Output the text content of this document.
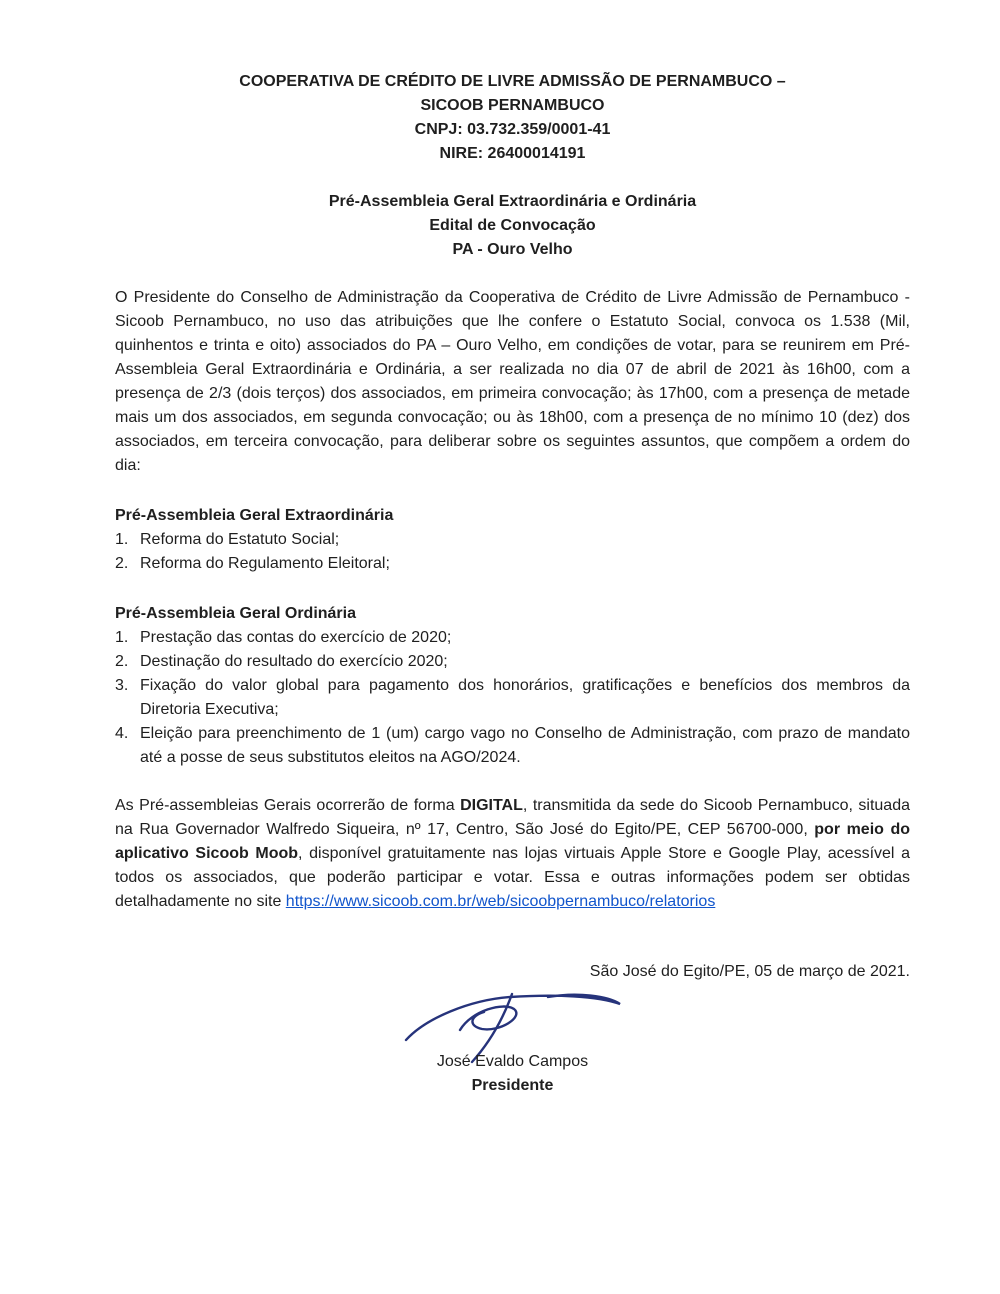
COOPERATIVA DE CRÉDITO DE LIVRE ADMISSÃO DE PERNAMBUCO –
SICOOB PERNAMBUCO
CNPJ: 03.732.359/0001-41
NIRE: 26400014191
Pré-Assembleia Geral Extraordinária e Ordinária
Edital de Convocação
PA - Ouro Velho

O Presidente do Conselho de Administração da Cooperativa de Crédito de Livre Admissão de Pernambuco - Sicoob Pernambuco, no uso das atribuições que lhe confere o Estatuto Social, convoca os 1.538 (Mil, quinhentos e trinta e oito) associados do PA – Ouro Velho, em condições de votar, para se reunirem em Pré-Assembleia Geral Extraordinária e Ordinária, a ser realizada no dia 07 de abril de 2021 às 16h00, com a presença de 2/3 (dois terços) dos associados, em primeira convocação; às 17h00, com a presença de metade mais um dos associados, em segunda convocação; ou às 18h00, com a presença de no mínimo 10 (dez) dos associados, em terceira convocação, para deliberar sobre os seguintes assuntos, que compõem a ordem do dia:

Pré-Assembleia Geral Extraordinária
1. Reforma do Estatuto Social;
2. Reforma do Regulamento Eleitoral;
Pré-Assembleia Geral Ordinária
1. Prestação das contas do exercício de 2020;
2. Destinação do resultado do exercício 2020;
3. Fixação do valor global para pagamento dos honorários, gratificações e benefícios dos membros da Diretoria Executiva;
4. Eleição para preenchimento de 1 (um) cargo vago no Conselho de Administração, com prazo de mandato até a posse de seus substitutos eleitos na AGO/2024.

As Pré-assembleias Gerais ocorrerão de forma DIGITAL, transmitida da sede do Sicoob Pernambuco, situada na Rua Governador Walfredo Siqueira, nº 17, Centro, São José do Egito/PE, CEP 56700-000, por meio do aplicativo Sicoob Moob, disponível gratuitamente nas lojas virtuais Apple Store e Google Play, acessível a todos os associados, que poderão participar e votar. Essa e outras informações podem ser obtidas detalhadamente no site https://www.sicoob.com.br/web/sicoobpernambuco/relatorios

São José do Egito/PE, 05 de março de 2021.
José Evaldo Campos
Presidente
